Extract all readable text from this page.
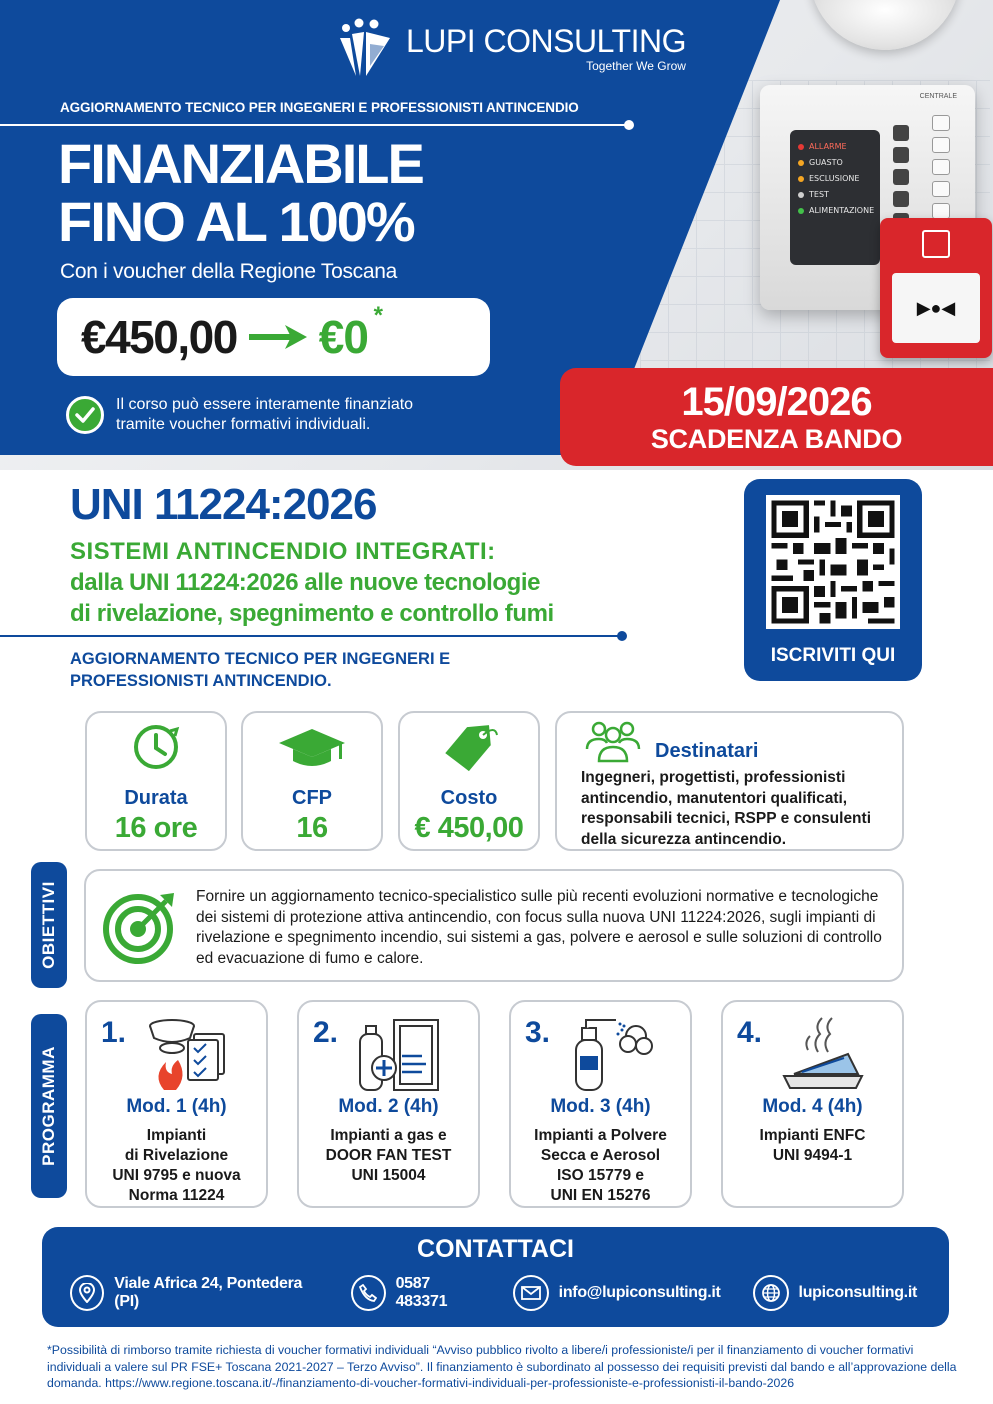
CENTRALE
ALLARME
GUASTO
ESCLUSIONE
TEST
ALIMENTAZIONE
▶●◀
LUPI CONSULTING
Together We Grow
AGGIORNAMENTO TECNICO PER INGEGNERI E PROFESSIONISTI ANTINCENDIO
FINANZIABILE
FINO AL 100%
Con i voucher della Regione Toscana
€450,00 €0 *
Il corso può essere interamente finanziato
tramite voucher formativi individuali.
15/09/2026
SCADENZA BANDO
UNI 11224:2026
SISTEMI ANTINCENDIO INTEGRATI:
dalla UNI 11224:2026 alle nuove tecnologie
di rivelazione, spegnimento e controllo fumi
AGGIORNAMENTO TECNICO PER INGEGNERI E
PROFESSIONISTI ANTINCENDIO.
ISCRIVITI QUI
Durata
16 ore
CFP
16
Costo
€ 450,00
Destinatari
Ingegneri, progettisti, professionisti antincendio, manutentori qualificati, responsabili tecnici, RSPP e consulenti della sicurezza antincendio.
OBIETTIVI	Fornire un aggiornamento tecnico-specialistico sulle più recenti evoluzioni normative e tecnologiche dei sistemi di protezione attiva antincendio, con focus sulla nuova UNI 11224:2026, sugli impianti di rivelazione e spegnimento incendio, sui sistemi a gas, polvere e aerosol e sulle soluzioni di controllo ed evacuazione di fumo e calore.
PROGRAMMA
1.
Mod. 1 (4h)
Impianti
di Rivelazione
UNI 9795 e nuova
Norma 11224
2.
Mod. 2 (4h)
Impianti a gas e
DOOR FAN TEST
UNI 15004
3.
Mod. 3 (4h)
Impianti a Polvere
Secca e Aerosol
ISO 15779 e
UNI EN 15276
4.
Mod. 4 (4h)
Impianti ENFC
UNI 9494-1
CONTATTACI
Viale Africa 24, Pontedera (PI)
0587 483371
info@lupiconsulting.it	lupiconsulting.it
*Possibilità di rimborso tramite richiesta di voucher formativi individuali “Avviso pubblico rivolto a libere/i professioniste/i per il finanziamento di voucher formativi individuali a valere sul PR FSE+ Toscana 2021-2027 – Terzo Avviso”. Il finanziamento è subordinato al possesso dei requisiti previsti dal bando e all’approvazione della domanda. https://www.regione.toscana.it/-/finanziamento-di-voucher-formativi-individuali-per-professioniste-e-professionisti-il-bando-2026
